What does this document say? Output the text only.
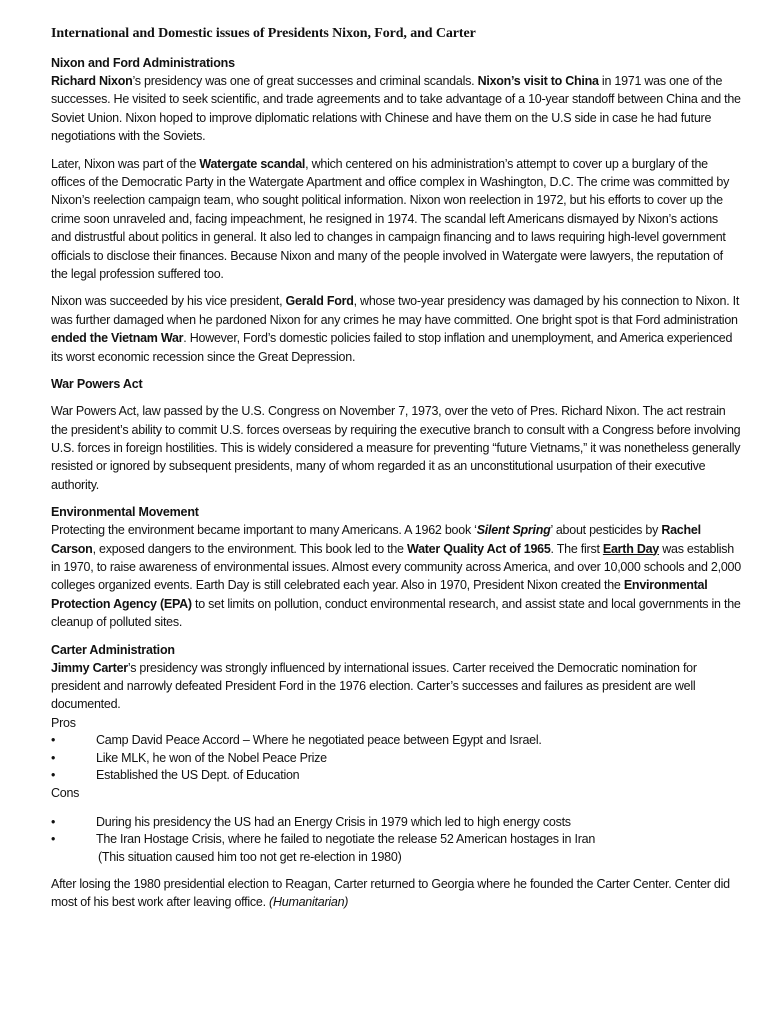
International and Domestic issues of Presidents Nixon, Ford, and Carter
Nixon and Ford Administrations

Richard Nixon’s presidency was one of great successes and criminal scandals. Nixon’s visit to China in 1971 was one of the successes. He visited to seek scientific, and trade agreements and to take advantage of a 10-year standoff between China and the Soviet Union. Nixon hoped to improve diplomatic relations with Chinese and have them on the U.S side in case he had future negotiations with the Soviets.

Later, Nixon was part of the Watergate scandal, which centered on his administration’s attempt to cover up a burglary of the offices of the Democratic Party in the Watergate Apartment and office complex in Washington, D.C. The crime was committed by Nixon’s reelection campaign team, who sought political information. Nixon won reelection in 1972, but his efforts to cover up the crime soon unraveled and, facing impeachment, he resigned in 1974. The scandal left Americans dismayed by Nixon’s actions and distrustful about politics in general. It also led to changes in campaign financing and to laws requiring high-level government officials to disclose their finances. Because Nixon and many of the people involved in Watergate were lawyers, the reputation of the legal profession suffered too.

Nixon was succeeded by his vice president, Gerald Ford, whose two-year presidency was damaged by his connection to Nixon. It was further damaged when he pardoned Nixon for any crimes he may have committed. One bright spot is that Ford administration ended the Vietnam War. However, Ford’s domestic policies failed to stop inflation and unemployment, and America experienced its worst economic recession since the Great Depression.

War Powers Act

War Powers Act, law passed by the U.S. Congress on November 7, 1973, over the veto of Pres. Richard Nixon. The act restrain the president’s ability to commit U.S. forces overseas by requiring the executive branch to consult with a Congress before involving U.S. forces in foreign hostilities. This is widely considered a measure for preventing “future Vietnams,” it was nonetheless generally resisted or ignored by subsequent presidents, many of whom regarded it as an unconstitutional usurpation of their executive authority.

Environmental Movement

Protecting the environment became important to many Americans. A 1962 book ‘Silent Spring’ about pesticides by Rachel Carson, exposed dangers to the environment. This book led to the Water Quality Act of 1965. The first Earth Day was establish in 1970, to raise awareness of environmental issues. Almost every community across America, and over 10,000 schools and 2,000 colleges organized events. Earth Day is still celebrated each year. Also in 1970, President Nixon created the Environmental Protection Agency (EPA) to set limits on pollution, conduct environmental research, and assist state and local governments in the cleanup of polluted sites.

Carter Administration

Jimmy Carter’s presidency was strongly influenced by international issues. Carter received the Democratic nomination for president and narrowly defeated President Ford in the 1976 election. Carter’s successes and failures as president are well documented.

Pros
•	Camp David Peace Accord – Where he negotiated peace between Egypt and Israel.
•	Like MLK, he won of the Nobel Peace Prize
•	Established the US Dept. of Education
Cons
•	During his presidency the US had an Energy Crisis in 1979 which led to high energy costs
•	The Iran Hostage Crisis, where he failed to negotiate the release 52 American hostages in Iran
(This situation caused him too not get re-election in 1980)

After losing the 1980 presidential election to Reagan, Carter returned to Georgia where he founded the Carter Center. Center did most of his best work after leaving office. (Humanitarian)
